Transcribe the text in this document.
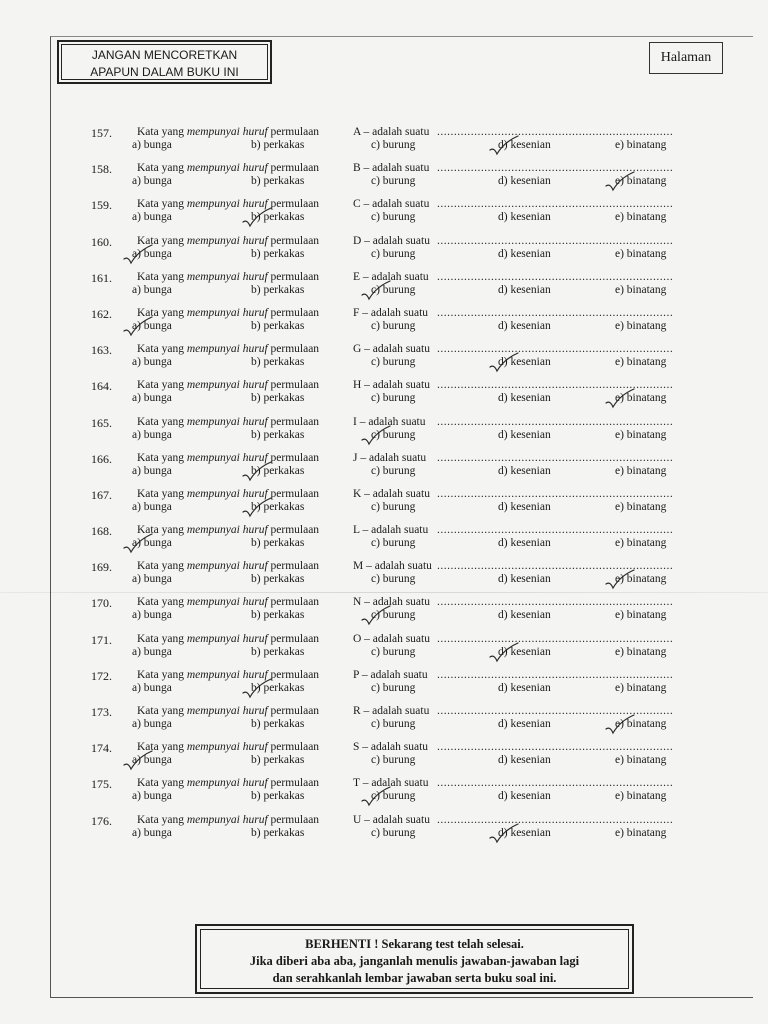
JANGAN MENCORETKAN
APAPUN DALAM BUKU INI
Halaman
157.	Kata yang mempunyai huruf permulaan	A – adalah suatu ......................................................................
a) bunga	b) perkakas	c) burung	d) kesenian	e) binatang
158.	Kata yang mempunyai huruf permulaan	B – adalah suatu ......................................................................
a) bunga	b) perkakas	c) burung	d) kesenian	e) binatang
159.	Kata yang mempunyai huruf permulaan	C – adalah suatu ......................................................................
a) bunga	b) perkakas	c) burung	d) kesenian	e) binatang
160.	Kata yang mempunyai huruf permulaan	D – adalah suatu ......................................................................
a) bunga	b) perkakas	c) burung	d) kesenian	e) binatang
161.	Kata yang mempunyai huruf permulaan	E – adalah suatu ......................................................................
a) bunga	b) perkakas	c) burung	d) kesenian	e) binatang
162.	Kata yang mempunyai huruf permulaan	F – adalah suatu ......................................................................
a) bunga	b) perkakas	c) burung	d) kesenian	e) binatang
163.	Kata yang mempunyai huruf permulaan	G – adalah suatu ......................................................................
a) bunga	b) perkakas	c) burung	d) kesenian	e) binatang
164.	Kata yang mempunyai huruf permulaan	H – adalah suatu ......................................................................
a) bunga	b) perkakas	c) burung	d) kesenian	e) binatang
165.	Kata yang mempunyai huruf permulaan	I – adalah suatu ......................................................................
a) bunga	b) perkakas	c) burung	d) kesenian	e) binatang
166.	Kata yang mempunyai huruf permulaan	J – adalah suatu ......................................................................
a) bunga	b) perkakas	c) burung	d) kesenian	e) binatang
167.	Kata yang mempunyai huruf permulaan	K – adalah suatu ......................................................................
a) bunga	b) perkakas	c) burung	d) kesenian	e) binatang
168.	Kata yang mempunyai huruf permulaan	L – adalah suatu ......................................................................
a) bunga	b) perkakas	c) burung	d) kesenian	e) binatang
169.	Kata yang mempunyai huruf permulaan	M – adalah suatu ......................................................................
a) bunga	b) perkakas	c) burung	d) kesenian	e) binatang
170.	Kata yang mempunyai huruf permulaan	N – adalah suatu ......................................................................
a) bunga	b) perkakas	c) burung	d) kesenian	e) binatang
171.	Kata yang mempunyai huruf permulaan	O – adalah suatu ......................................................................
a) bunga	b) perkakas	c) burung	d) kesenian	e) binatang
172.	Kata yang mempunyai huruf permulaan	P – adalah suatu ......................................................................
a) bunga	b) perkakas	c) burung	d) kesenian	e) binatang
173.	Kata yang mempunyai huruf permulaan	R – adalah suatu ......................................................................
a) bunga	b) perkakas	c) burung	d) kesenian	e) binatang
174.	Kata yang mempunyai huruf permulaan	S – adalah suatu ......................................................................
a) bunga	b) perkakas	c) burung	d) kesenian	e) binatang
175.	Kata yang mempunyai huruf permulaan	T – adalah suatu ......................................................................
a) bunga	b) perkakas	c) burung	d) kesenian	e) binatang
176.	Kata yang mempunyai huruf permulaan	U – adalah suatu ......................................................................
a) bunga	b) perkakas	c) burung	d) kesenian	e) binatang
BERHENTI ! Sekarang test telah selesai.
Jika diberi aba aba, janganlah menulis jawaban-jawaban lagi
dan serahkanlah lembar jawaban serta buku soal ini.
